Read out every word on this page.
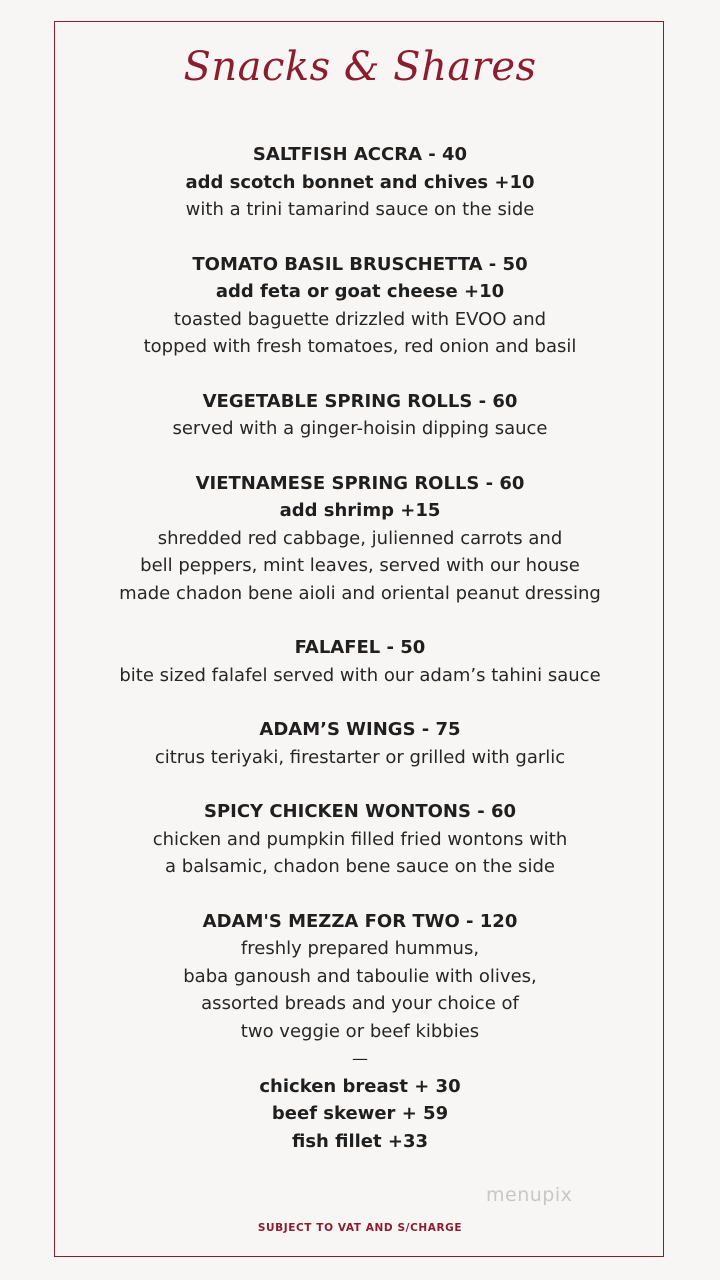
Snacks & Shares
SALTFISH ACCRA - 40
add scotch bonnet and chives +10
with a trini tamarind sauce on the side
TOMATO BASIL BRUSCHETTA - 50
add feta or goat cheese +10
toasted baguette drizzled with EVOO and
topped with fresh tomatoes, red onion and basil
VEGETABLE SPRING ROLLS - 60
served with a ginger-hoisin dipping sauce
VIETNAMESE SPRING ROLLS - 60
add shrimp +15
shredded red cabbage, julienned carrots and
bell peppers, mint leaves, served with our house
made chadon bene aioli and oriental peanut dressing
FALAFEL - 50
bite sized falafel served with our adam’s tahini sauce
ADAM’S WINGS - 75
citrus teriyaki, firestarter or grilled with garlic
SPICY CHICKEN WONTONS - 60
chicken and pumpkin filled fried wontons with
a balsamic, chadon bene sauce on the side
ADAM'S MEZZA FOR TWO - 120
freshly prepared hummus,
baba ganoush and taboulie with olives,
assorted breads and your choice of
two veggie or beef kibbies
—
chicken breast + 30
beef skewer + 59
fish fillet +33
menupix
SUBJECT TO VAT AND S/CHARGE
